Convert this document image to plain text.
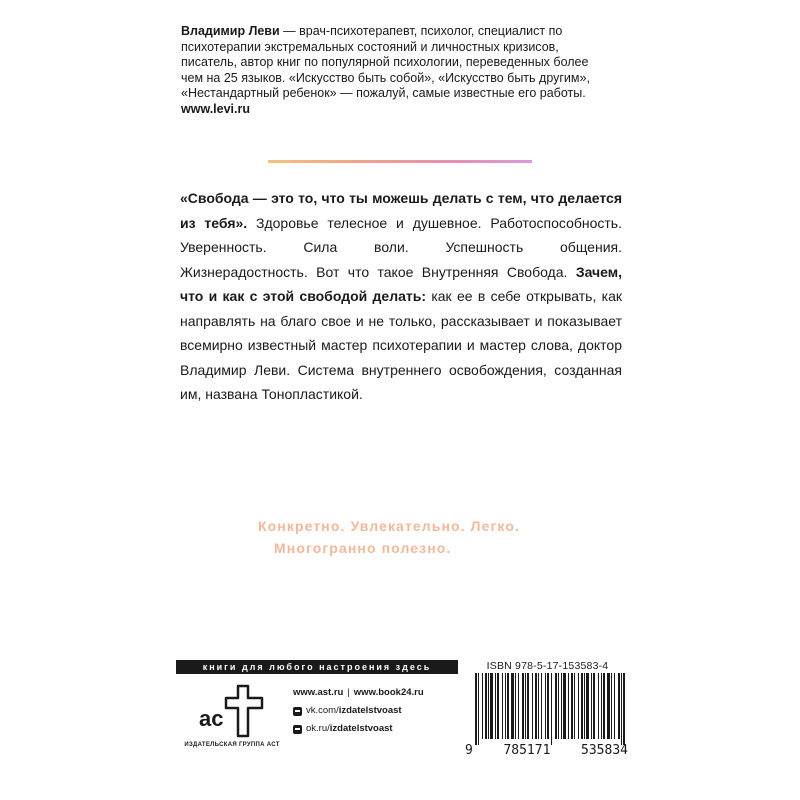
Владимир Леви — врач-психотерапевт, психолог, специалист по психотерапии экстремальных состояний и личностных кризисов, писатель, автор книг по популярной психологии, переведенных более чем на 25 языков. «Искусство быть собой», «Искусство быть другим», «Нестандартный ребенок» — пожалуй, самые известные его работы. www.levi.ru

«Свобода — это то, что ты можешь делать с тем, что делается из тебя». Здоровье телесное и душевное. Работоспособность. Уверенность. Сила воли. Успешность общения. Жизнерадостность. Вот что такое Внутренняя Свобода. Зачем, что и как с этой свободой делать: как ее в себе открывать, как направлять на благо свое и не только, рассказывает и показывает всемирно известный мастер психотерапии и мастер слова, доктор Владимир Леви. Система внутреннего освобождения, созданная им, названа Тонопластикой.

Конкретно. Увлекательно. Легко.
Многогранно полезно.
книги для любого настроения здесь
ac
ИЗДАТЕЛЬСКАЯ ГРУППА АСТ
www.ast.ru | www.book24.ru
vk.com/ izdatelstvoast
ok.ru/ izdatelstvoast
ISBN 978-5-17-153583-4
9 785171 535834
